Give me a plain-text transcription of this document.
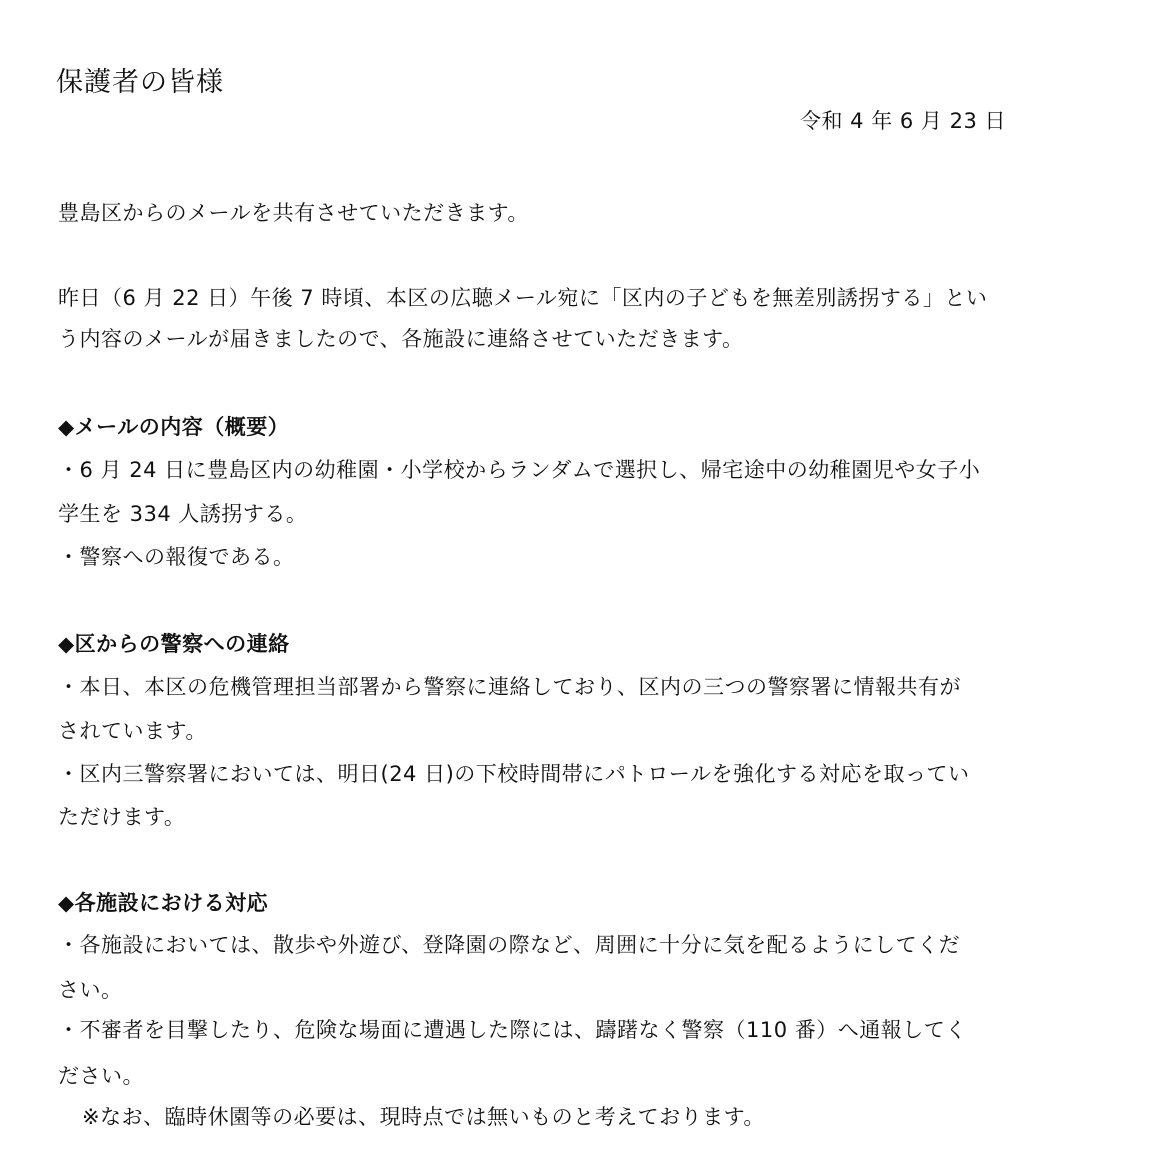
保護者の皆様
令和 4 年 6 月 23 日
豊島区からのメールを共有させていただきます。
昨日（6 月 22 日）午後 7 時頃、本区の広聴メール宛に「区内の子どもを無差別誘拐する」とい
う内容のメールが届きましたので、各施設に連絡させていただきます。
◆メールの内容（概要）
・6 月 24 日に豊島区内の幼稚園・小学校からランダムで選択し、帰宅途中の幼稚園児や女子小
学生を 334 人誘拐する。
・警察への報復である。
◆区からの警察への連絡
・本日、本区の危機管理担当部署から警察に連絡しており、区内の三つの警察署に情報共有が
されています。
・区内三警察署においては、明日(24 日)の下校時間帯にパトロールを強化する対応を取ってい
ただけます。
◆各施設における対応
・各施設においては、散歩や外遊び、登降園の際など、周囲に十分に気を配るようにしてくだ
さい。
・不審者を目撃したり、危険な場面に遭遇した際には、躊躇なく警察（110 番）へ通報してく
ださい。
※なお、臨時休園等の必要は、現時点では無いものと考えております。
